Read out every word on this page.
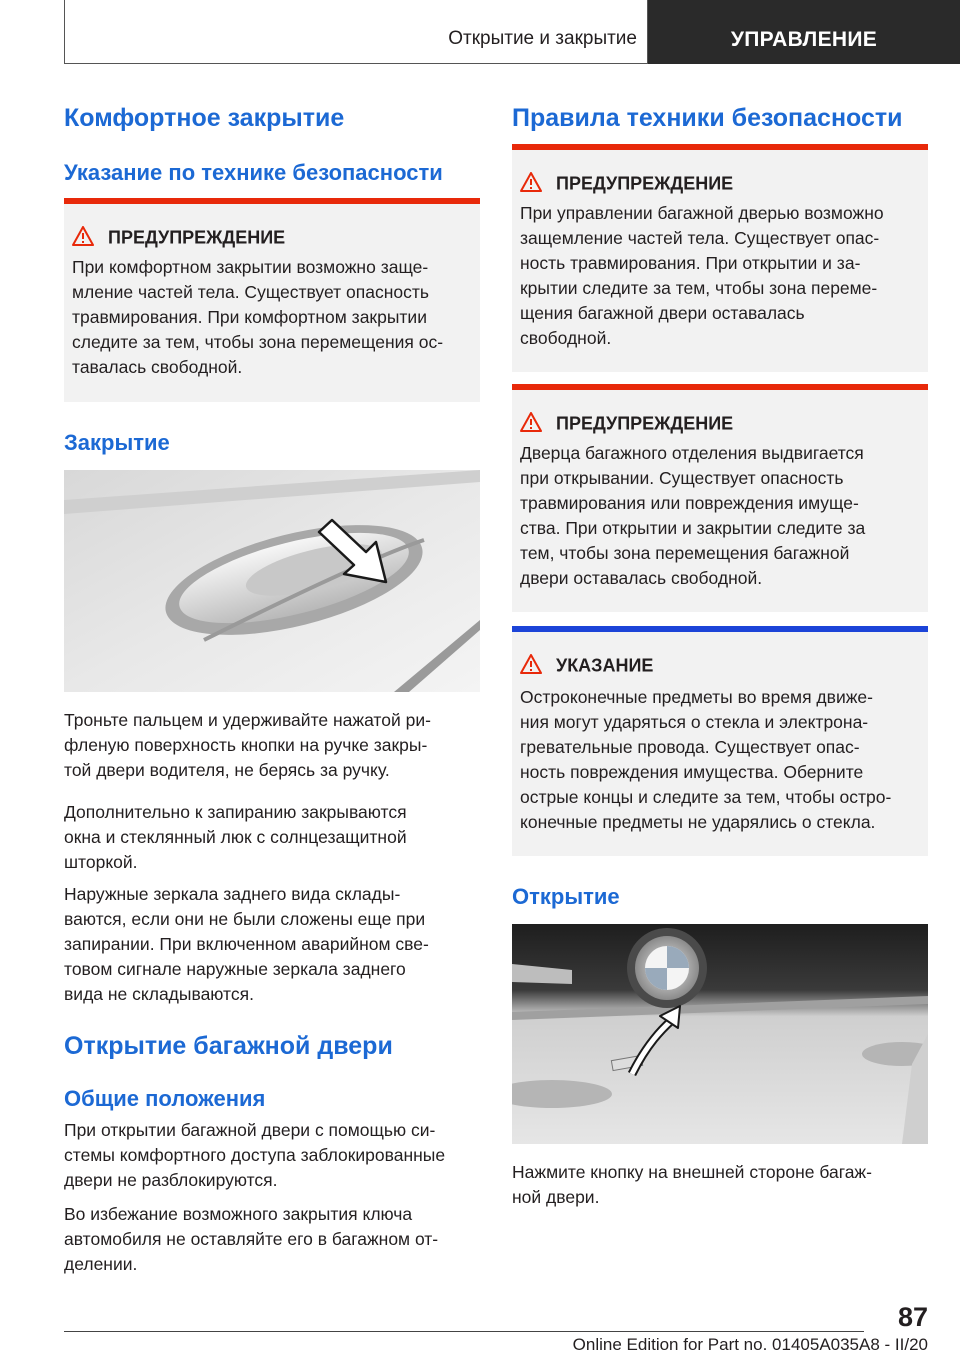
Открытие и закрытие	УПРАВЛЕНИЕ
Комфортное закрытие
Указание по технике безопасности
ПРЕДУПРЕЖДЕНИЕ
При комфортном закрытии возможно заще-
мление частей тела. Существует опасность
травмирования. При комфортном закрытии
следите за тем, чтобы зона перемещения ос-
тавалась свободной.
Закрытие
Троньте пальцем и удерживайте нажатой ри-
фленую поверхность кнопки на ручке закры-
той двери водителя, не берясь за ручку.
Дополнительно к запиранию закрываются
окна и стеклянный люк с солнцезащитной
шторкой.
Наружные зеркала заднего вида склады-
ваются, если они не были сложены еще при
запирании. При включенном аварийном све-
товом сигнале наружные зеркала заднего
вида не складываются.
Открытие багажной двери
Общие положения
При открытии багажной двери с помощью си-
стемы комфортного доступа заблокированные
двери не разблокируются.
Во избежание возможного закрытия ключа
автомобиля не оставляйте его в багажном от-
делении.
Правила техники безопасности
ПРЕДУПРЕЖДЕНИЕ
При управлении багажной дверью возможно
защемление частей тела. Существует опас-
ность травмирования. При открытии и за-
крытии следите за тем, чтобы зона переме-
щения багажной двери оставалась
свободной.
ПРЕДУПРЕЖДЕНИЕ
Дверца багажного отделения выдвигается
при открывании. Существует опасность
травмирования или повреждения имуще-
ства. При открытии и закрытии следите за
тем, чтобы зона перемещения багажной
двери оставалась свободной.
УКАЗАНИЕ
Остроконечные предметы во время движе-
ния могут ударяться о стекла и электрона-
гревательные провода. Существует опас-
ность повреждения имущества. Оберните
острые концы и следите за тем, чтобы остро-
конечные предметы не ударялись о стекла.
Открытие
Нажмите кнопку на внешней стороне багаж-
ной двери.
87
Online Edition for Part no. 01405A035A8 - II/20
